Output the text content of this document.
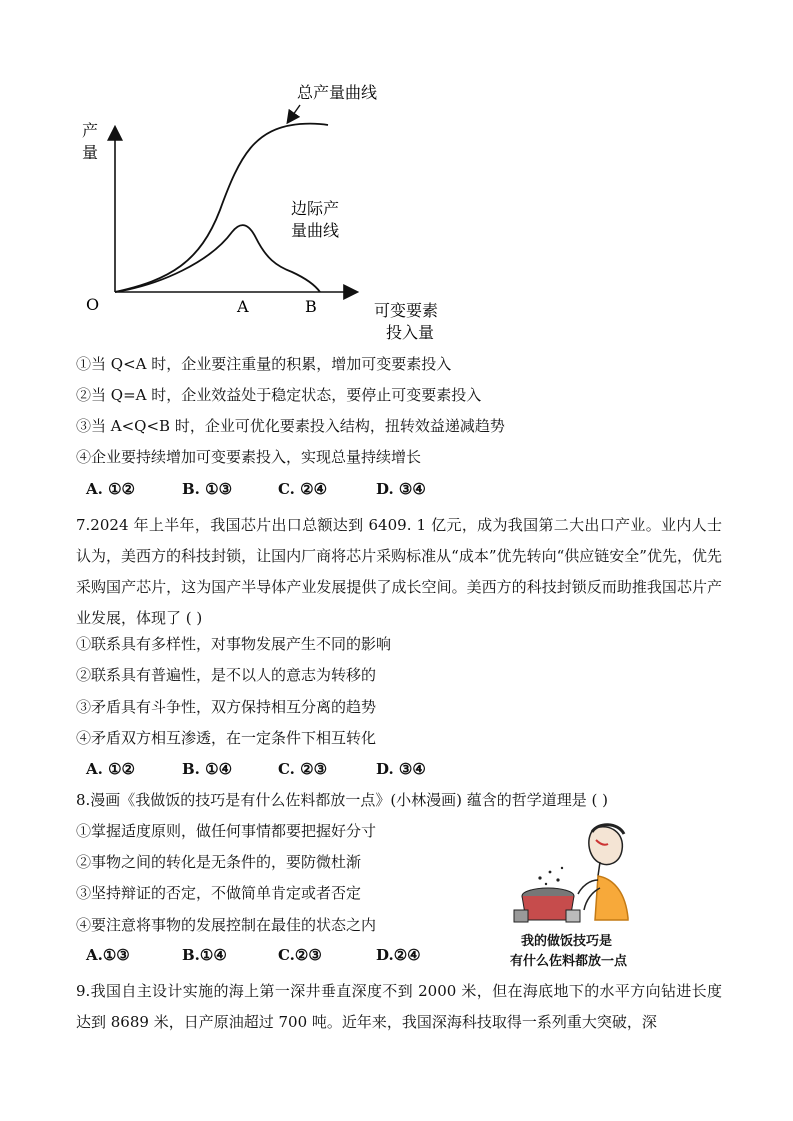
产
量
O	A	B
总产量曲线
边际产
量曲线
可变要素
投入量
①当 Q<A 时，企业要注重量的积累，增加可变要素投入
②当 Q=A 时，企业效益处于稳定状态，要停止可变要素投入
③当 A<Q<B 时，企业可优化要素投入结构，扭转效益递减趋势
④企业要持续增加可变要素投入，实现总量持续增长
A. ①②	B. ①③	C. ②④	D. ③④
7.2024 年上半年，我国芯片出口总额达到 6409. 1 亿元，成为我国第二大出口产业。业内人士认为，美西方的科技封锁，让国内厂商将芯片采购标准从“成本”优先转向“供应链安全”优先，优先采购国产芯片，这为国产半导体产业发展提供了成长空间。美西方的科技封锁反而助推我国芯片产业发展，体现了 ( )
①联系具有多样性，对事物发展产生不同的影响
②联系具有普遍性，是不以人的意志为转移的
③矛盾具有斗争性，双方保持相互分离的趋势
④矛盾双方相互渗透，在一定条件下相互转化
A. ①②	B. ①④	C. ②③	D. ③④
8.漫画《我做饭的技巧是有什么佐料都放一点》(小林漫画) 蕴含的哲学道理是 ( )
①掌握适度原则，做任何事情都要把握好分寸
②事物之间的转化是无条件的，要防微杜渐
③坚持辩证的否定，不做简单肯定或者否定
④要注意将事物的发展控制在最佳的状态之内
A.①③	B.①④	C.②③	D.②④
我的做饭技巧是
有什么佐料都放一点
9.我国自主设计实施的海上第一深井垂直深度不到 2000 米，但在海底地下的水平方向钻进长度达到 8689 米，日产原油超过 700 吨。近年来，我国深海科技取得一系列重大突破，深
